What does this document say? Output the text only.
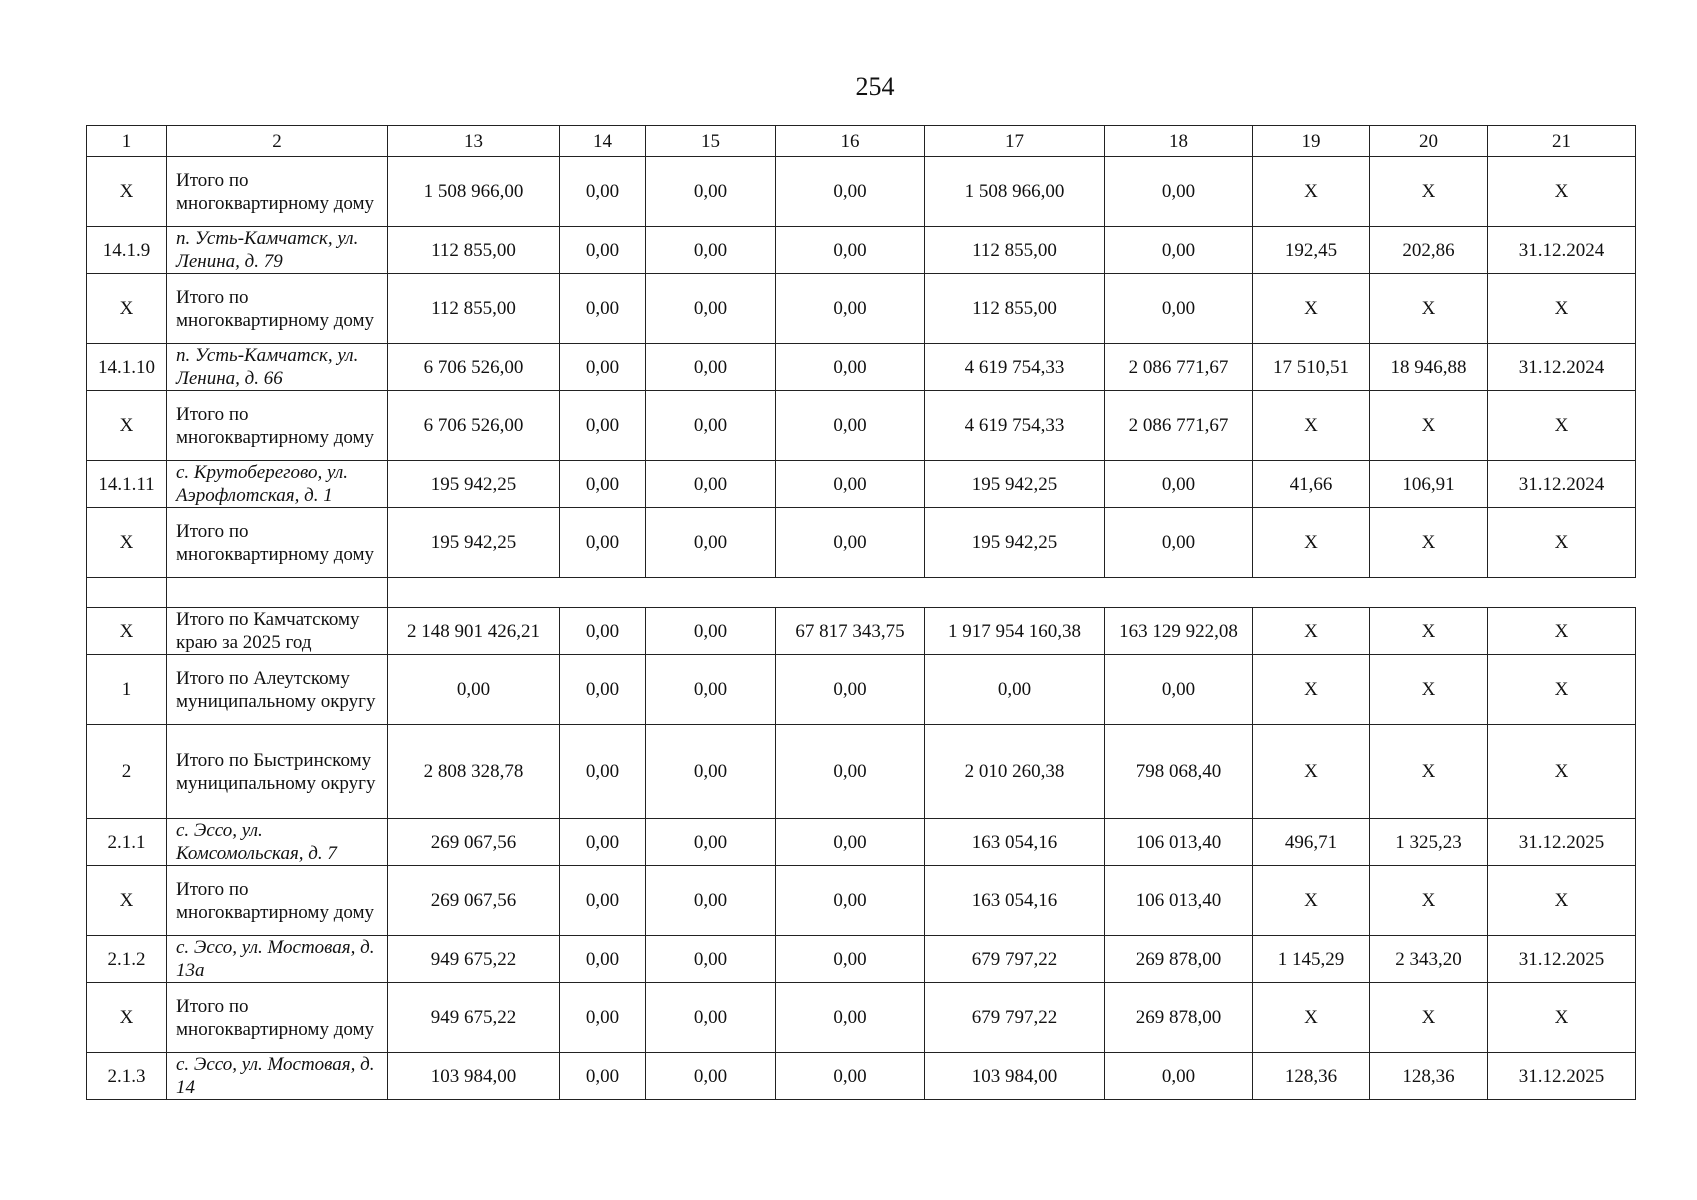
254
1	2	13	14	15	16	17	18	19	20	21
X	Итого по многоквартирному дому	1 508 966,00	0,00	0,00	0,00	1 508 966,00	0,00	X	X	X
14.1.9	п. Усть-Камчатск, ул. Ленина, д. 79	112 855,00	0,00	0,00	0,00	112 855,00	0,00	192,45	202,86	31.12.2024
X	Итого по многоквартирному дому	112 855,00	0,00	0,00	0,00	112 855,00	0,00	X	X	X
14.1.10	п. Усть-Камчатск, ул. Ленина, д. 66	6 706 526,00	0,00	0,00	0,00	4 619 754,33	2 086 771,67	17 510,51	18 946,88	31.12.2024
X	Итого по многоквартирному дому	6 706 526,00	0,00	0,00	0,00	4 619 754,33	2 086 771,67	X	X	X
14.1.11	с. Крутоберегово, ул. Аэрофлотская, д. 1	195 942,25	0,00	0,00	0,00	195 942,25	0,00	41,66	106,91	31.12.2024
X	Итого по многоквартирному дому	195 942,25	0,00	0,00	0,00	195 942,25	0,00	X	X	X

X	Итого по Камчатскому краю за 2025 год	2 148 901 426,21	0,00	0,00	67 817 343,75	1 917 954 160,38	163 129 922,08	X	X	X
1	Итого по Алеутскому муниципальному округу	0,00	0,00	0,00	0,00	0,00	0,00	X	X	X
2	Итого по Быстринскому муниципальному округу	2 808 328,78	0,00	0,00	0,00	2 010 260,38	798 068,40	X	X	X
2.1.1	с. Эссо, ул. Комсомольская, д. 7	269 067,56	0,00	0,00	0,00	163 054,16	106 013,40	496,71	1 325,23	31.12.2025
X	Итого по многоквартирному дому	269 067,56	0,00	0,00	0,00	163 054,16	106 013,40	X	X	X
2.1.2	с. Эссо, ул. Мостовая, д. 13а	949 675,22	0,00	0,00	0,00	679 797,22	269 878,00	1 145,29	2 343,20	31.12.2025
X	Итого по многоквартирному дому	949 675,22	0,00	0,00	0,00	679 797,22	269 878,00	X	X	X
2.1.3	с. Эссо, ул. Мостовая, д. 14	103 984,00	0,00	0,00	0,00	103 984,00	0,00	128,36	128,36	31.12.2025
